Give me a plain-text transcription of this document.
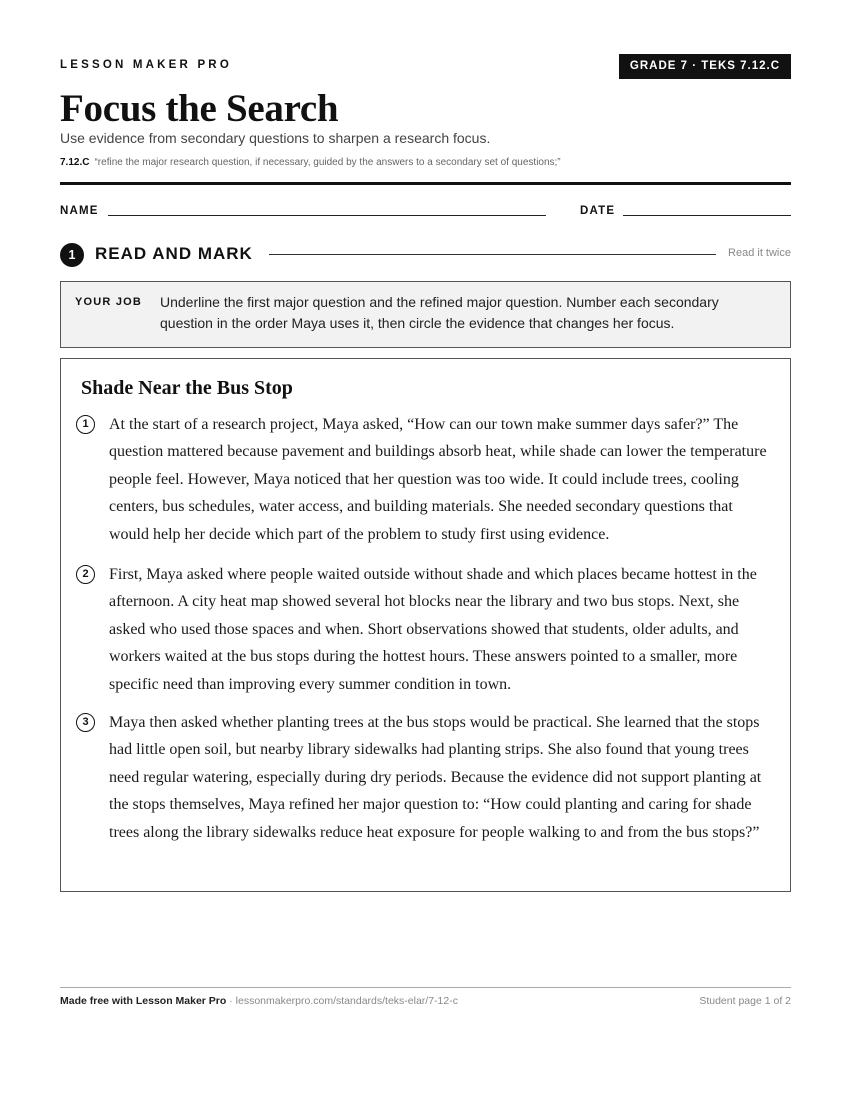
LESSON MAKER PRO	GRADE 7 · TEKS 7.12.C
Focus the Search
Use evidence from secondary questions to sharpen a research focus.
7.12.C “refine the major research question, if necessary, guided by the answers to a secondary set of questions;”
NAME	DATE
1	READ AND MARK	Read it twice
YOUR JOB Underline the first major question and the refined major question. Number each secondary question in the order Maya uses it, then circle the evidence that changes her focus.
Shade Near the Bus Stop
1	At the start of a research project, Maya asked, “How can our town make summer days safer?” The question mattered because pavement and buildings absorb heat, while shade can lower the temperature people feel. However, Maya noticed that her question was too wide. It could include trees, cooling centers, bus schedules, water access, and building materials. She needed secondary questions that would help her decide which part of the problem to study first using evidence.

2	First, Maya asked where people waited outside without shade and which places became hottest in the afternoon. A city heat map showed several hot blocks near the library and two bus stops. Next, she asked who used those spaces and when. Short observations showed that students, older adults, and workers waited at the bus stops during the hottest hours. These answers pointed to a smaller, more specific need than improving every summer condition in town.

3	Maya then asked whether planting trees at the bus stops would be practical. She learned that the stops had little open soil, but nearby library sidewalks had planting strips. She also found that young trees need regular watering, especially during dry periods. Because the evidence did not support planting at the stops themselves, Maya refined her major question to: “How could planting and caring for shade trees along the library sidewalks reduce heat exposure for people walking to and from the bus stops?”

Made free with Lesson Maker Pro · lessonmakerpro.com/standards/teks-elar/7-12-c	Student page 1 of 2
